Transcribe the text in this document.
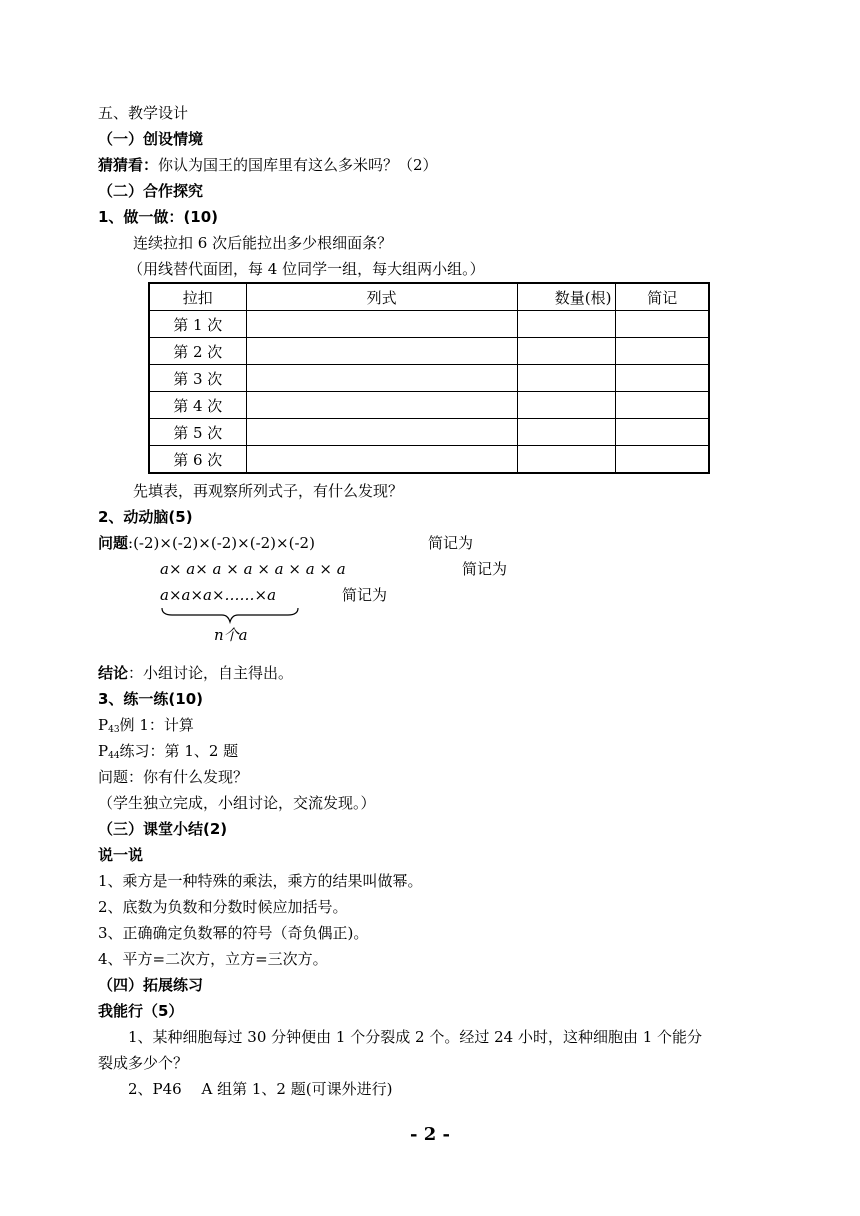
五、教学设计
（一）创设情境
猜猜看：你认为国王的国库里有这么多米吗？（2）
（二）合作探究
1、做一做：(10)
连续拉扣 6 次后能拉出多少根细面条？
（用线替代面团，每 4 位同学一组，每大组两小组。）
拉扣	列式	数量(根)	简记
第 1 次			
第 2 次			
第 3 次			
第 4 次			
第 5 次			
第 6 次			
先填表，再观察所列式子，有什么发现？
2、动动脑(5)
问题:(-2)×(-2)×(-2)×(-2)×(-2)	简记为
a× a× a × a × a × a × a	简记为
a×a×a×……×a	简记为
n个a
结论：小组讨论，自主得出。
3、练一练(10)
$P_{43}$例 1：计算
$P_{44}$练习：第 1、2 题
问题：你有什么发现？
（学生独立完成，小组讨论，交流发现。）
（三）课堂小结(2)
说一说
1、乘方是一种特殊的乘法，乘方的结果叫做幂。
2、底数为负数和分数时候应加括号。
3、正确确定负数幂的符号（奇负偶正)。
4、平方=二次方，立方=三次方。
（四）拓展练习
我能行（5）
1、某种细胞每过 30 分钟便由 1 个分裂成 2 个。经过 24 小时，这种细胞由 1 个能分
裂成多少个？
2、P46　 A 组第 1、2 题(可课外进行)
- 2 -
